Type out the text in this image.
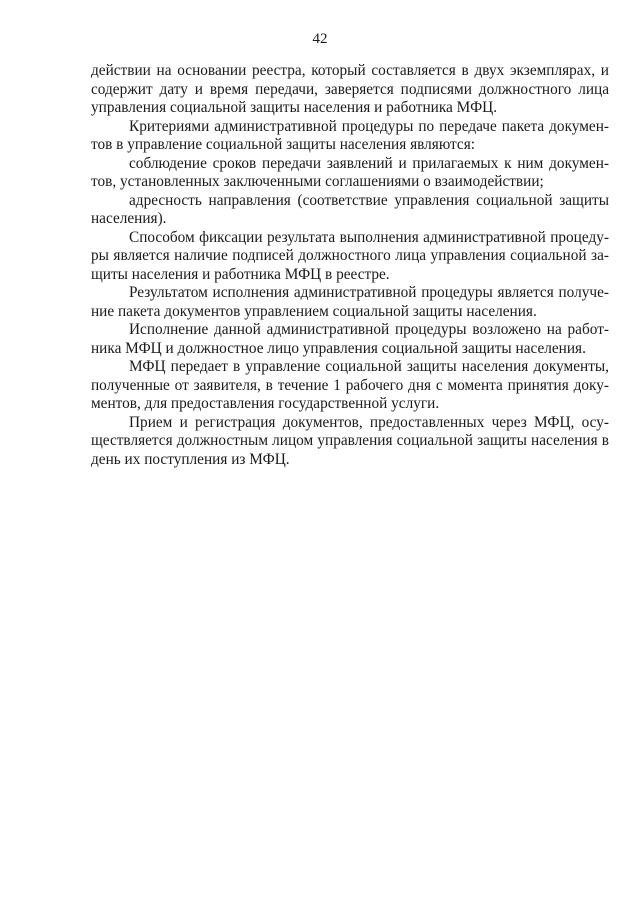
42

действии на основании реестра, который составляется в двух экземплярах, и содержит дату и время передачи, заверяется подписями должностного лица управления социальной защиты населения и работника МФЦ.

Критериями административной процедуры по передаче пакета документов в управление социальной защиты населения являются:

соблюдение сроков передачи заявлений и прилагаемых к ним документов, установленных заключенными соглашениями о взаимодействии;

адресность направления (соответствие управления социальной защиты населения).

Способом фиксации результата выполнения административной процедуры является наличие подписей должностного лица управления социальной защиты населения и работника МФЦ в реестре.

Результатом исполнения административной процедуры является получение пакета документов управлением социальной защиты населения.

Исполнение данной административной процедуры возложено на работника МФЦ и должностное лицо управления социальной защиты населения.

МФЦ передает в управление социальной защиты населения документы, полученные от заявителя, в течение 1 рабочего дня с момента принятия документов, для предоставления государственной услуги.

Прием и регистрация документов, предоставленных через МФЦ, осуществляется должностным лицом управления социальной защиты населения в день их поступления из МФЦ.
